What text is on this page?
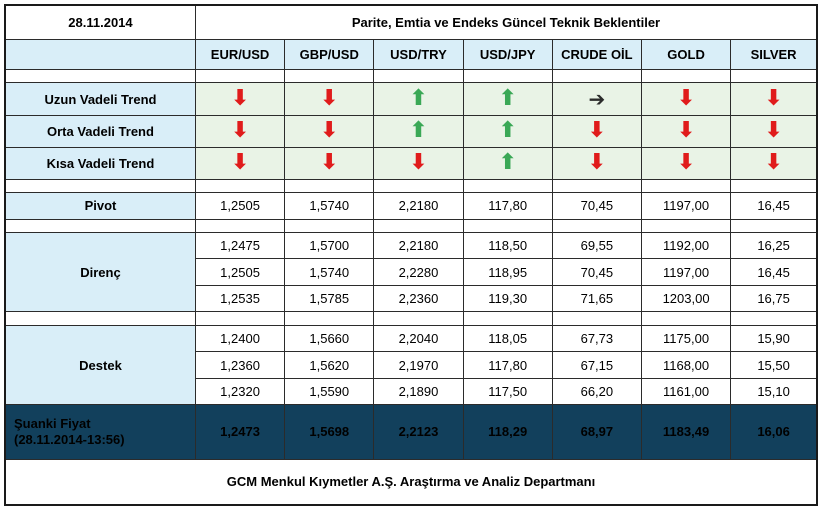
28.11.2014	Parite, Emtia ve Endeks Güncel Teknik Beklentiler						
	EUR/USD	GBP/USD	USD/TRY	USD/JPY	CRUDE OİL	GOLD	SILVER

Uzun Vadeli Trend	⬇	⬇	⬆	⬆	➔	⬇	⬇
Orta Vadeli Trend	⬇	⬇	⬆	⬆	⬇	⬇	⬇
Kısa Vadeli Trend	⬇	⬇	⬇	⬆	⬇	⬇	⬇

Pivot	1,2505	1,5740	2,2180	117,80	70,45	1197,00	16,45

Direnç	1,2475	1,5700	2,2180	118,50	69,55	1192,00	16,25
	1,2505	1,5740	2,2280	118,95	70,45	1197,00	16,45
	1,2535	1,5785	2,2360	119,30	71,65	1203,00	16,75

Destek	1,2400	1,5660	2,2040	118,05	67,73	1175,00	15,90
	1,2360	1,5620	2,1970	117,80	67,15	1168,00	15,50
	1,2320	1,5590	2,1890	117,50	66,20	1161,00	15,10

Şuanki Fiyat
(28.11.2014-13:56)	1,2473	1,5698	2,2123	118,29	68,97	1183,49	16,06
GCM Menkul Kıymetler A.Ş. Araştırma ve Analiz Departmanı							
